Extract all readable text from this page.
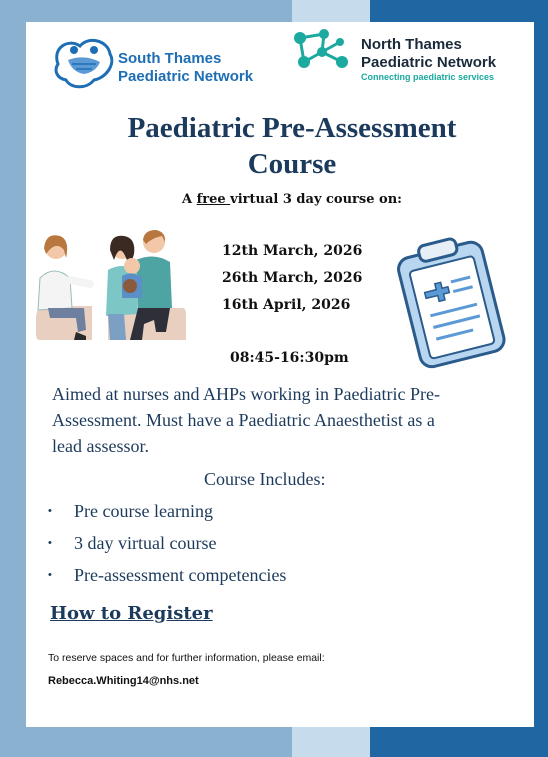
South Thames
Paediatric Network
North Thames
Paediatric Network
Connecting paediatric services
Paediatric Pre-Assessment
Course
A free virtual 3 day course on:
12th March, 2026
26th March, 2026
16th April, 2026
08:45-16:30pm
Aimed at nurses and AHPs working in Paediatric Pre-
Assessment. Must have a Paediatric Anaesthetist as a
lead assessor.
Course Includes:
• Pre course learning
• 3 day virtual course
• Pre-assessment competencies
How to Register
To reserve spaces and for further information, please email:
Rebecca.Whiting14@nhs.net
